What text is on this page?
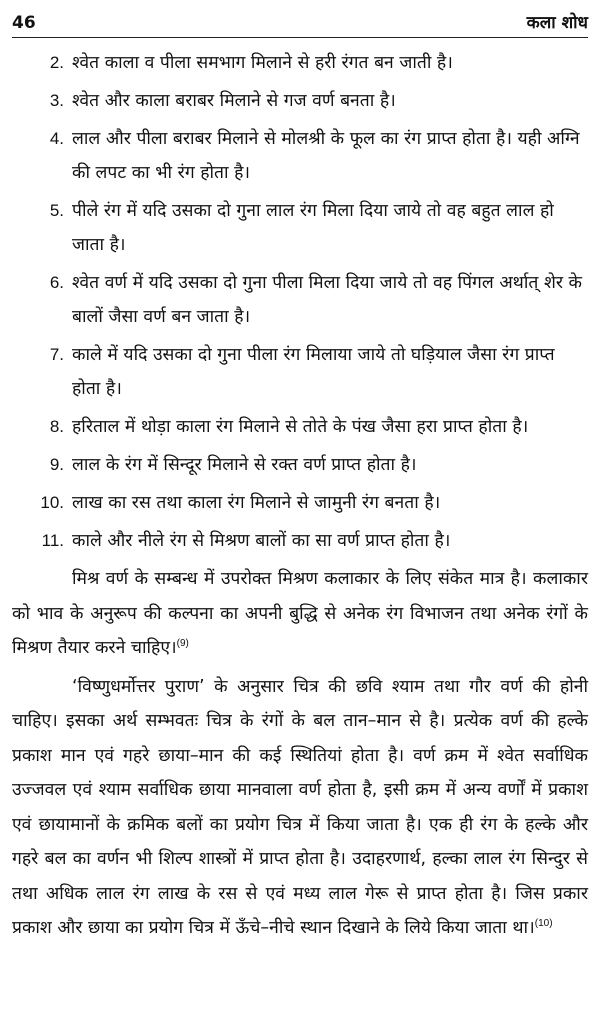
46	कला शोध
2. श्वेत काला व पीला समभाग मिलाने से हरी रंगत बन जाती है।
3. श्वेत और काला बराबर मिलाने से गज वर्ण बनता है।
4. लाल और पीला बराबर मिलाने से मोलश्री के फूल का रंग प्राप्त होता है। यही अग्नि की लपट का भी रंग होता है।
5. पीले रंग में यदि उसका दो गुना लाल रंग मिला दिया जाये तो वह बहुत लाल हो जाता है।
6. श्वेत वर्ण में यदि उसका दो गुना पीला मिला दिया जाये तो वह पिंगल अर्थात् शेर के बालों जैसा वर्ण बन जाता है।
7. काले में यदि उसका दो गुना पीला रंग मिलाया जाये तो घड़ियाल जैसा रंग प्राप्त होता है।
8. हरिताल में थोड़ा काला रंग मिलाने से तोते के पंख जैसा हरा प्राप्त होता है।
9. लाल के रंग में सिन्दूर मिलाने से रक्त वर्ण प्राप्त होता है।
10. लाख का रस तथा काला रंग मिलाने से जामुनी रंग बनता है।
11. काले और नीले रंग से मिश्रण बालों का सा वर्ण प्राप्त होता है।

मिश्र वर्ण के सम्बन्ध में उपरोक्त मिश्रण कलाकार के लिए संकेत मात्र है। कलाकार को भाव के अनुरूप की कल्पना का अपनी बुद्धि से अनेक रंग विभाजन तथा अनेक रंगों के मिश्रण तैयार करने चाहिए।$^{(9)}$

‘विष्णुधर्मोत्तर पुराण’ के अनुसार चित्र की छवि श्याम तथा गौर वर्ण की होनी चाहिए। इसका अर्थ सम्भवतः चित्र के रंगों के बल तान–मान से है। प्रत्येक वर्ण की हल्के प्रकाश मान एवं गहरे छाया–मान की कई स्थितियां होता है। वर्ण क्रम में श्वेत सर्वाधिक उज्जवल एवं श्याम सर्वाधिक छाया मानवाला वर्ण होता है, इसी क्रम में अन्य वर्णों में प्रकाश एवं छायामानों के क्रमिक बलों का प्रयोग चित्र में किया जाता है। एक ही रंग के हल्के और गहरे बल का वर्णन भी शिल्प शास्त्रों में प्राप्त होता है। उदाहरणार्थ, हल्का लाल रंग सिन्दुर से तथा अधिक लाल रंग लाख के रस से एवं मध्य लाल गेरू से प्राप्त होता है। जिस प्रकार प्रकाश और छाया का प्रयोग चित्र में ऊँचे–नीचे स्थान दिखाने के लिये किया जाता था।$^{(10)}$
